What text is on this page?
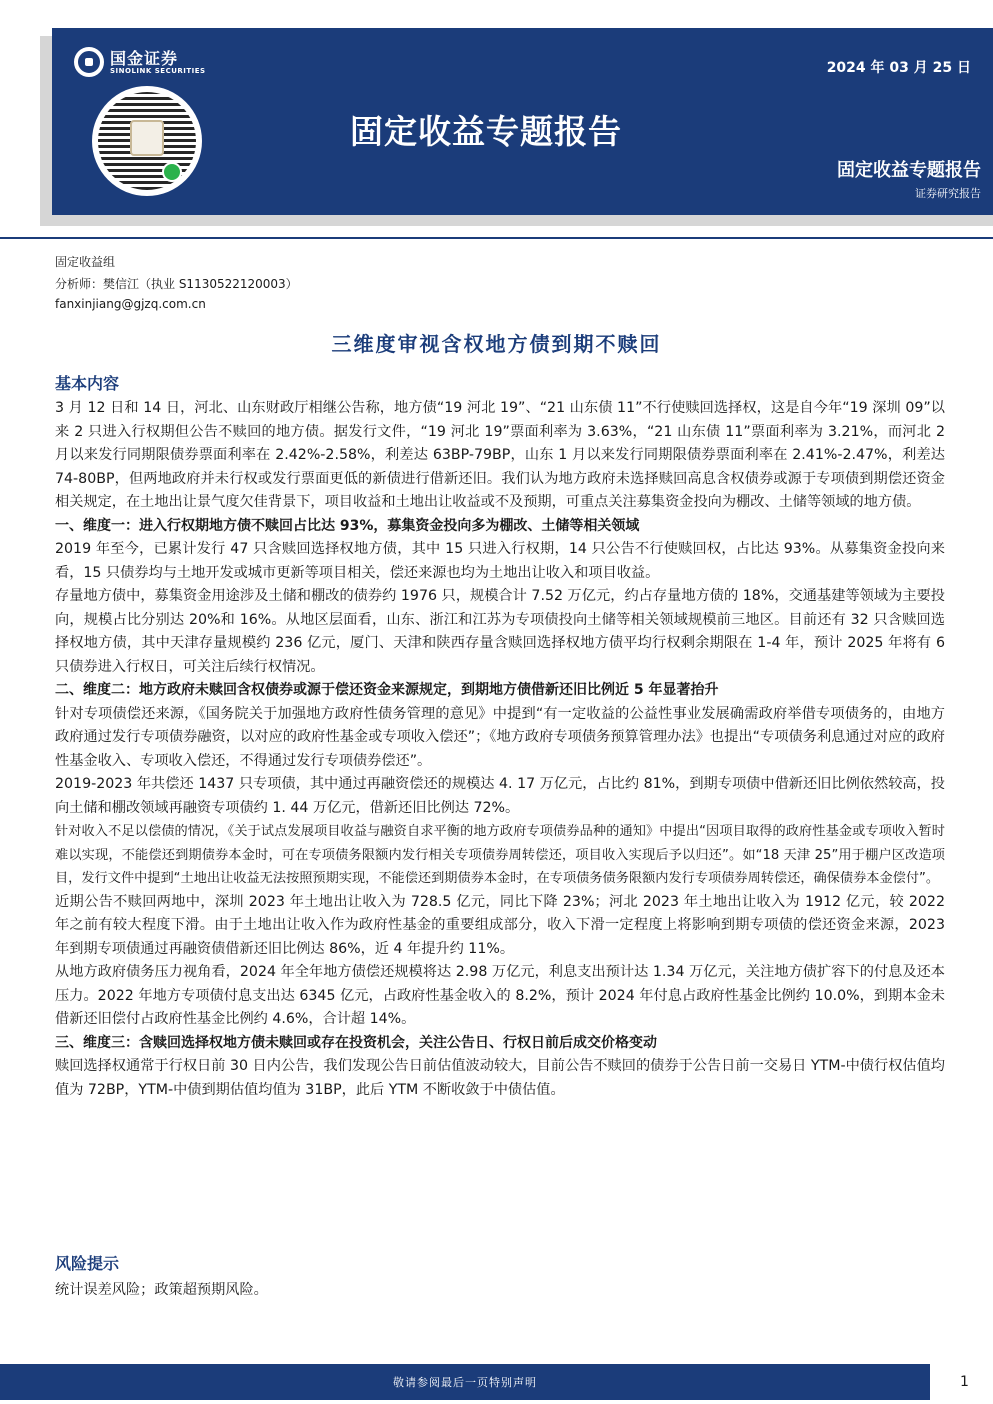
国金证券
SINOLINK SECURITIES	2024 年 03 月 25 日
固定收益专题报告
固定收益专题报告
证券研究报告
固定收益组
分析师：樊信江（执业 S1130522120003）
fanxinjiang@gjzq.com.cn
三维度审视含权地方债到期不赎回
基本内容

3 月 12 日和 14 日，河北、山东财政厅相继公告称，地方债“19 河北 19”、“21 山东债 11”不行使赎回选择权，这是自今年“19 深圳 09”以来 2 只进入行权期但公告不赎回的地方债。据发行文件，“19 河北 19”票面利率为 3.63%，“21 山东债 11”票面利率为 3.21%，而河北 2 月以来发行同期限债券票面利率在 2.42%-2.58%，利差达 63BP-79BP，山东 1 月以来发行同期限债券票面利率在 2.41%-2.47%，利差达 74-80BP，但两地政府并未行权或发行票面更低的新债进行借新还旧。我们认为地方政府未选择赎回高息含权债券或源于专项债到期偿还资金相关规定，在土地出让景气度欠佳背景下，项目收益和土地出让收益或不及预期，可重点关注募集资金投向为棚改、土储等领域的地方债。

一、维度一：进入行权期地方债不赎回占比达 93%，募集资金投向多为棚改、土储等相关领域

2019 年至今，已累计发行 47 只含赎回选择权地方债，其中 15 只进入行权期，14 只公告不行使赎回权，占比达 93%。从募集资金投向来看，15 只债券均与土地开发或城市更新等项目相关，偿还来源也均为土地出让收入和项目收益。

存量地方债中，募集资金用途涉及土储和棚改的债券约 1976 只，规模合计 7.52 万亿元，约占存量地方债的 18%，交通基建等领域为主要投向，规模占比分别达 20%和 16%。从地区层面看，山东、浙江和江苏为专项债投向土储等相关领域规模前三地区。目前还有 32 只含赎回选择权地方债，其中天津存量规模约 236 亿元，厦门、天津和陕西存量含赎回选择权地方债平均行权剩余期限在 1-4 年，预计 2025 年将有 6 只债券进入行权日，可关注后续行权情况。

二、维度二：地方政府未赎回含权债券或源于偿还资金来源规定，到期地方债借新还旧比例近 5 年显著抬升

针对专项债偿还来源，《国务院关于加强地方政府性债务管理的意见》中提到“有一定收益的公益性事业发展确需政府举借专项债务的，由地方政府通过发行专项债券融资，以对应的政府性基金或专项收入偿还”；《地方政府专项债务预算管理办法》也提出“专项债务利息通过对应的政府性基金收入、专项收入偿还，不得通过发行专项债券偿还”。

2019-2023 年共偿还 1437 只专项债，其中通过再融资偿还的规模达 4. 17 万亿元，占比约 81%，到期专项债中借新还旧比例依然较高，投向土储和棚改领域再融资专项债约 1. 44 万亿元，借新还旧比例达 72%。

针对收入不足以偿债的情况，《关于试点发展项目收益与融资自求平衡的地方政府专项债券品种的通知》中提出“因项目取得的政府性基金或专项收入暂时难以实现，不能偿还到期债券本金时，可在专项债务限额内发行相关专项债券周转偿还，项目收入实现后予以归还”。如“18 天津 25”用于棚户区改造项目，发行文件中提到“土地出让收益无法按照预期实现，不能偿还到期债券本金时，在专项债务债务限额内发行专项债券周转偿还，确保债券本金偿付”。

近期公告不赎回两地中，深圳 2023 年土地出让收入为 728.5 亿元，同比下降 23%；河北 2023 年土地出让收入为 1912 亿元，较 2022 年之前有较大程度下滑。由于土地出让收入作为政府性基金的重要组成部分，收入下滑一定程度上将影响到期专项债的偿还资金来源，2023 年到期专项债通过再融资债借新还旧比例达 86%，近 4 年提升约 11%。

从地方政府债务压力视角看，2024 年全年地方债偿还规模将达 2.98 万亿元，利息支出预计达 1.34 万亿元，关注地方债扩容下的付息及还本压力。2022 年地方专项债付息支出达 6345 亿元，占政府性基金收入的 8.2%，预计 2024 年付息占政府性基金比例约 10.0%，到期本金未借新还旧偿付占政府性基金比例约 4.6%，合计超 14%。

三、维度三：含赎回选择权地方债未赎回或存在投资机会，关注公告日、行权日前后成交价格变动

赎回选择权通常于行权日前 30 日内公告，我们发现公告日前估值波动较大，目前公告不赎回的债券于公告日前一交易日 YTM-中债行权估值均值为 72BP，YTM-中债到期估值均值为 31BP，此后 YTM 不断收敛于中债估值。

风险提示
统计误差风险；政策超预期风险。
敬请参阅最后一页特别声明	1
